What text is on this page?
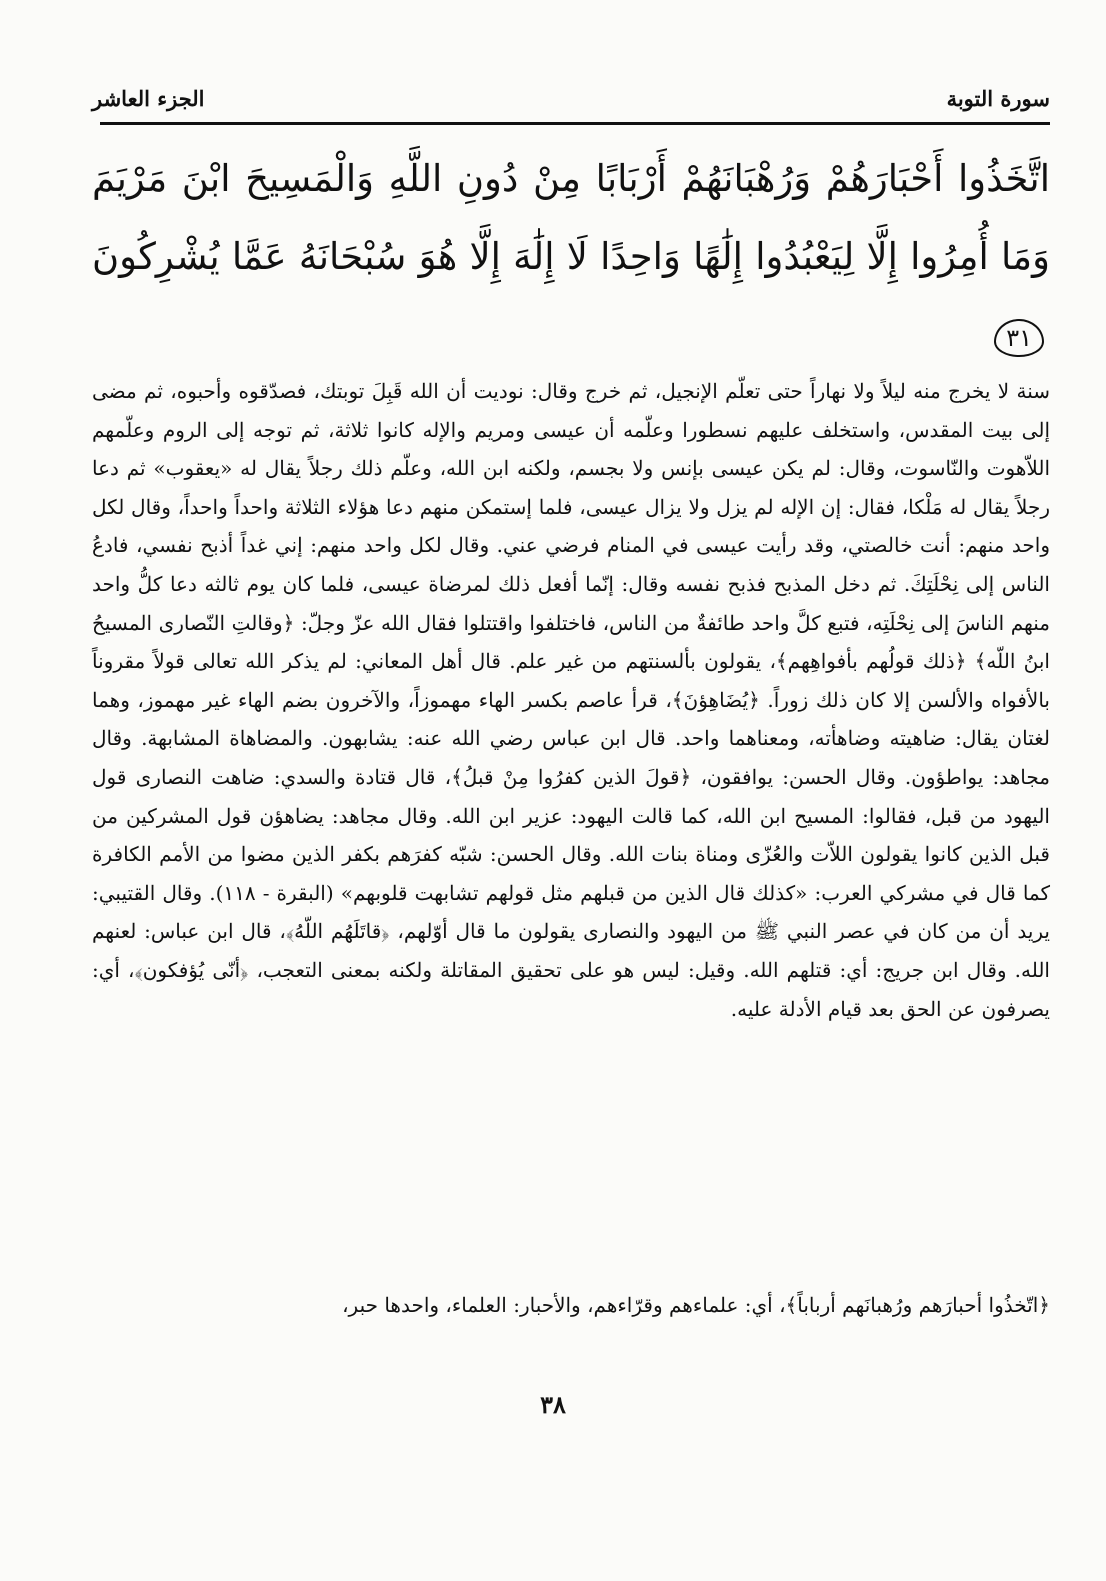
سورة التوبة
الجزء العاشر
اتَّخَذُوا أَحْبَارَهُمْ وَرُهْبَانَهُمْ أَرْبَابًا مِنْ دُونِ اللَّهِ وَالْمَسِيحَ ابْنَ مَرْيَمَ وَمَا أُمِرُوا إِلَّا لِيَعْبُدُوا إِلَٰهًا وَاحِدًا لَا إِلَٰهَ إِلَّا هُوَ سُبْحَانَهُ عَمَّا يُشْرِكُونَ ٣١

سنة لا يخرج منه ليلاً ولا نهاراً حتى تعلّم الإنجيل، ثم خرج وقال: نوديت أن الله قَبِلَ توبتك، فصدّقوه وأحبوه، ثم مضى إلى بيت المقدس، واستخلف عليهم نسطورا وعلّمه أن عيسى ومريم والإله كانوا ثلاثة، ثم توجه إلى الروم وعلّمهم اللاّهوت والنّاسوت، وقال: لم يكن عيسى بإنس ولا بجسم، ولكنه ابن الله، وعلّم ذلك رجلاً يقال له «يعقوب» ثم دعا رجلاً يقال له مَلْكا، فقال: إن الإله لم يزل ولا يزال عيسى، فلما إستمكن منهم دعا هؤلاء الثلاثة واحداً واحداً، وقال لكل واحد منهم: أنت خالصتي، وقد رأيت عيسى في المنام فرضي عني. وقال لكل واحد منهم: إني غداً أذبح نفسي، فادعُ الناس إلى نِحْلَتِكَ. ثم دخل المذبح فذبح نفسه وقال: إنّما أفعل ذلك لمرضاة عيسى، فلما كان يوم ثالثه دعا كلُّ واحد منهم الناسَ إلى نِحْلَتِه، فتبع كلَّ واحد طائفةٌ من الناس، فاختلفوا واقتتلوا فقال الله عزّ وجلّ: ﴿وقالتِ النّصارى المسيحُ ابنُ اللّه﴾ ﴿ذلك قولُهم بأفواهِهم﴾، يقولون بألسنتهم من غير علم. قال أهل المعاني: لم يذكر الله تعالى قولاً مقروناً بالأفواه والألسن إلا كان ذلك زوراً. ﴿يُضَاهِؤنَ﴾، قرأ عاصم بكسر الهاء مهموزاً، والآخرون بضم الهاء غير مهموز، وهما لغتان يقال: ضاهيته وضاهأته، ومعناهما واحد. قال ابن عباس رضي الله عنه: يشابهون. والمضاهاة المشابهة. وقال مجاهد: يواطؤون. وقال الحسن: يوافقون، ﴿قولَ الذين كفرُوا مِنْ قبلُ﴾، قال قتادة والسدي: ضاهت النصارى قول اليهود من قبل، فقالوا: المسيح ابن الله، كما قالت اليهود: عزير ابن الله. وقال مجاهد: يضاهؤن قول المشركين من قبل الذين كانوا يقولون اللاّت والعُزّى ومناة بنات الله. وقال الحسن: شبّه كفرَهم بكفر الذين مضوا من الأمم الكافرة كما قال في مشركي العرب: «كذلك قال الذين من قبلهم مثل قولهم تشابهت قلوبهم» (البقرة - ١١٨). وقال القتيبي: يريد أن من كان في عصر النبي ﷺ من اليهود والنصارى يقولون ما قال أوّلهم، ﴿قاتَلَهُم اللّهُ﴾، قال ابن عباس: لعنهم الله. وقال ابن جريج: أي: قتلهم الله. وقيل: ليس هو على تحقيق المقاتلة ولكنه بمعنى التعجب، ﴿أنّى يُؤفكون﴾، أي: يصرفون عن الحق بعد قيام الأدلة عليه.

﴿اتّخذُوا أحبارَهم ورُهبانَهم أرباباً﴾، أي: علماءهم وقرّاءهم، والأحبار: العلماء، واحدها حبر،

٣٨
